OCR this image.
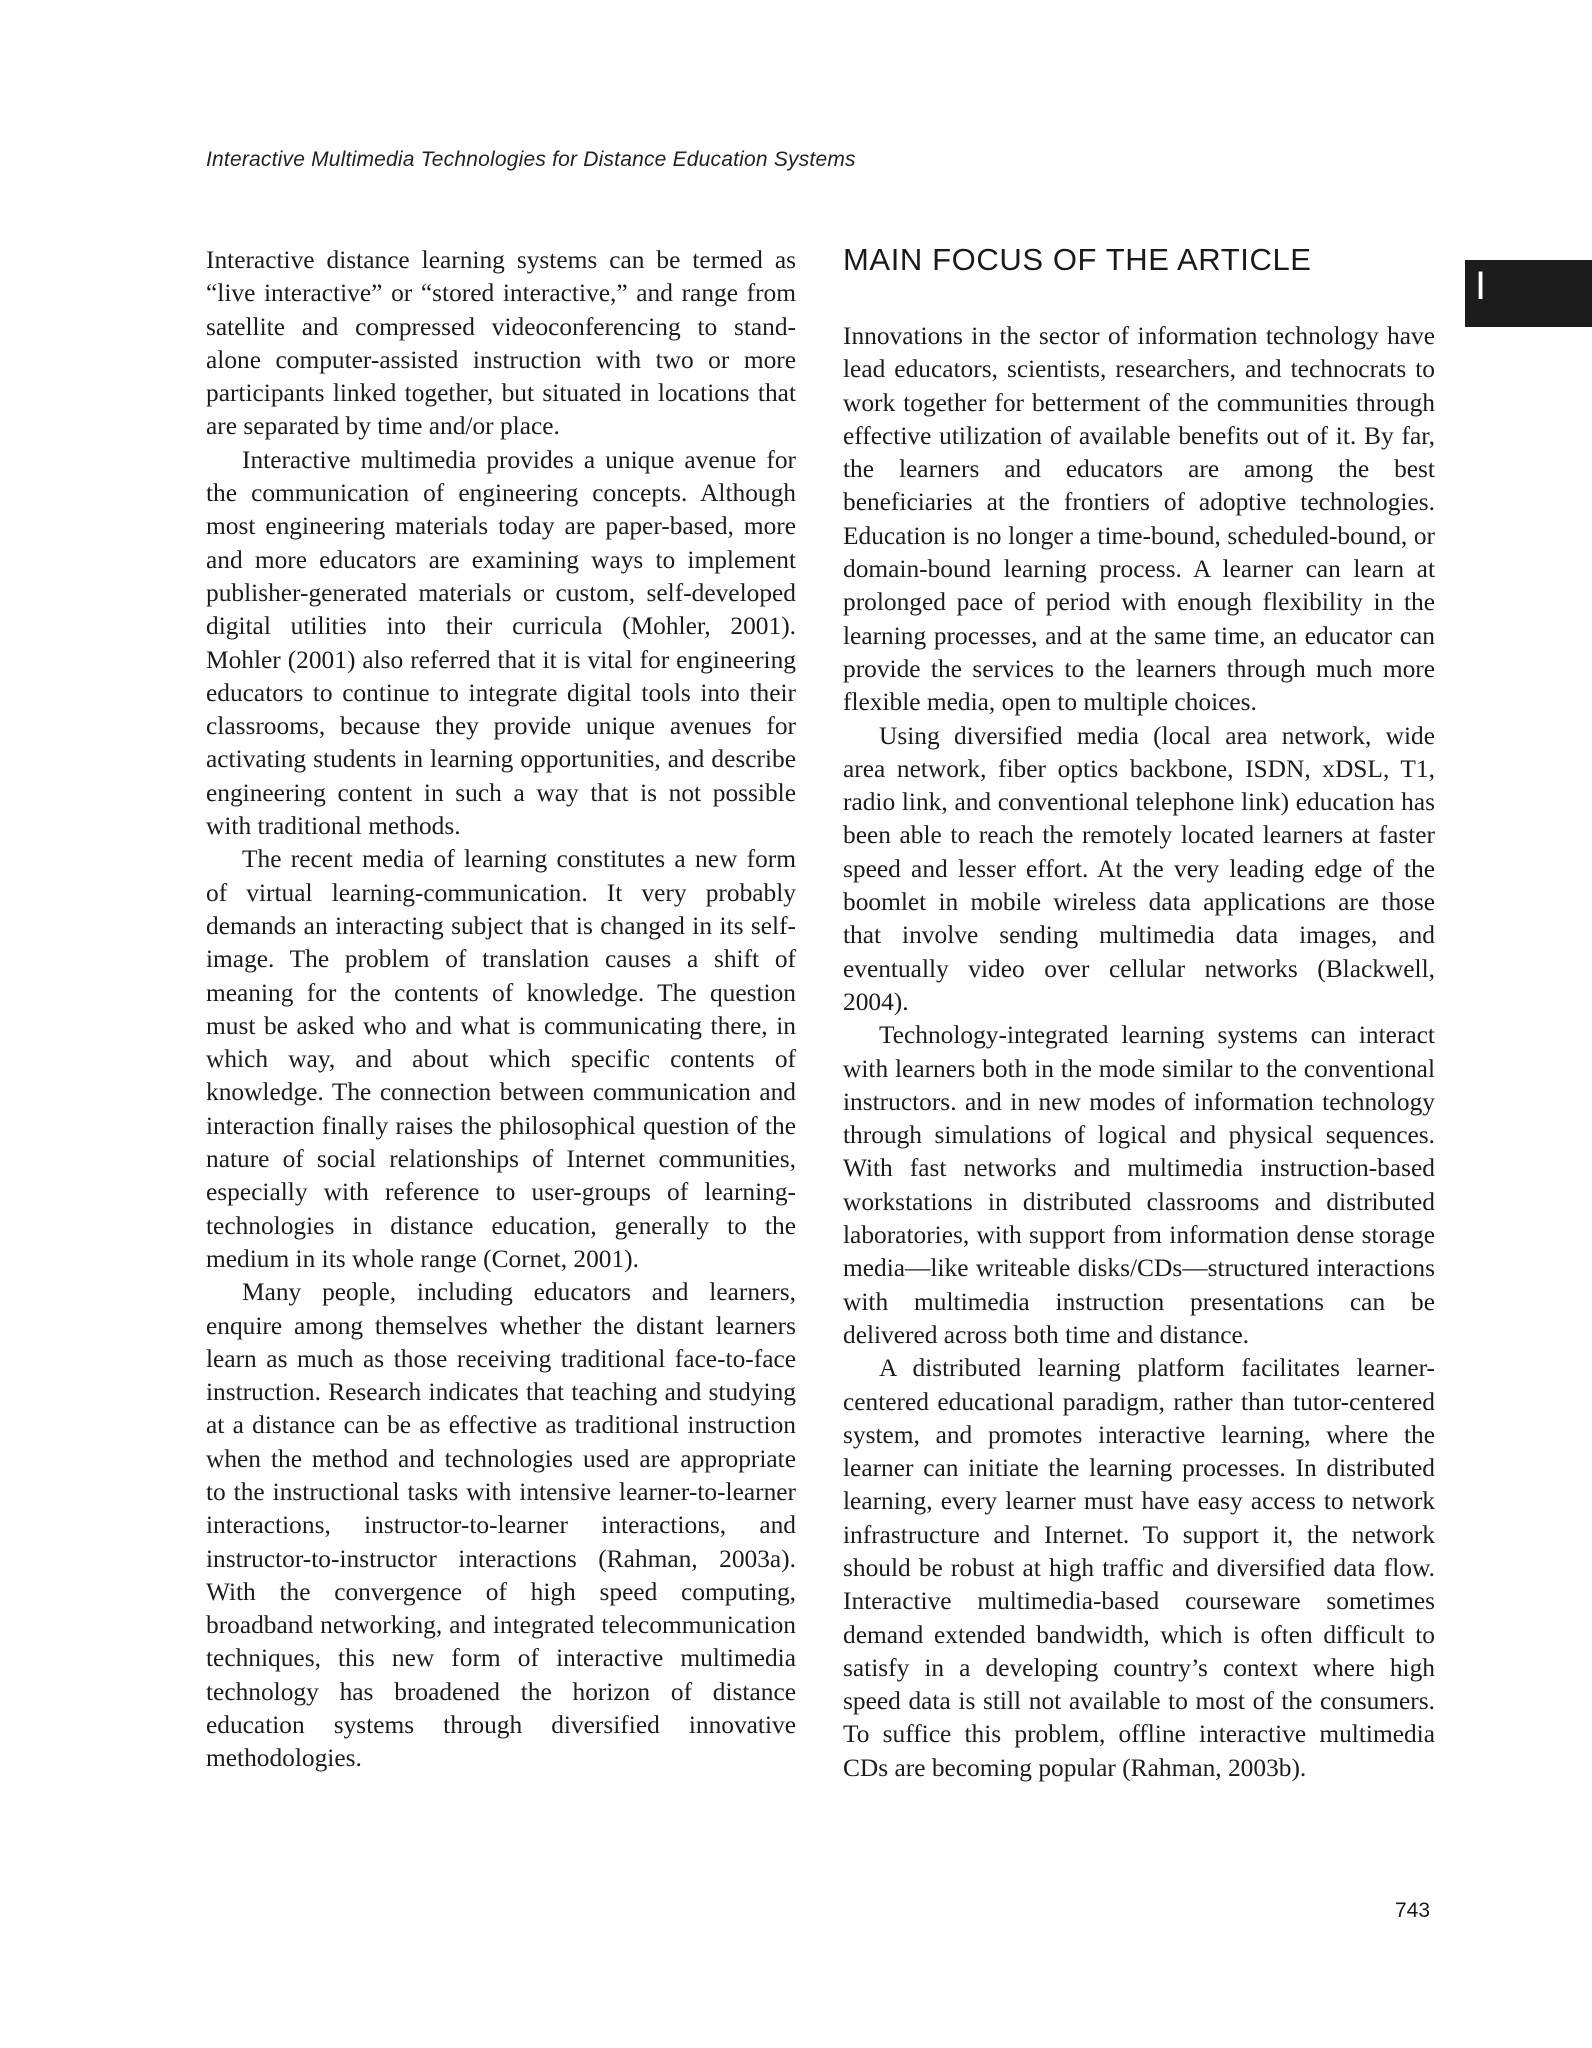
Interactive Multimedia Technologies for Distance Education Systems
I

Interactive distance learning systems can be termed as “live interactive” or “stored interactive,” and range from satellite and compressed videoconferencing to stand-alone computer-assisted instruction with two or more participants linked together, but situated in locations that are separated by time and/or place.

Interactive multimedia provides a unique avenue for the communication of engineering concepts. Although most engineering materials today are paper-based, more and more educators are examining ways to implement publisher-generated materials or custom, self-developed digital utilities into their curricula (Mohler, 2001). Mohler (2001) also referred that it is vital for engineering educators to continue to integrate digital tools into their classrooms, because they provide unique avenues for activating students in learning opportunities, and describe engineering content in such a way that is not possible with traditional methods.

The recent media of learning constitutes a new form of virtual learning-communication. It very probably demands an interacting subject that is changed in its self-image. The problem of translation causes a shift of meaning for the contents of knowledge. The question must be asked who and what is communicating there, in which way, and about which specific contents of knowledge. The connection between communication and interaction finally raises the philosophical question of the nature of social relationships of Internet communities, especially with reference to user-groups of learning-technologies in distance education, generally to the medium in its whole range (Cornet, 2001).

Many people, including educators and learners, enquire among themselves whether the distant learners learn as much as those receiving traditional face-to-face instruction. Research indicates that teaching and studying at a distance can be as effective as traditional instruction when the method and technologies used are appropriate to the instructional tasks with intensive learner-to-learner interactions, instructor-to-learner interactions, and instructor-to-instructor interactions (Rahman, 2003a). With the convergence of high speed computing, broadband networking, and integrated telecommunication techniques, this new form of interactive multimedia technology has broadened the horizon of distance education systems through diversified innovative methodologies.

MAIN FOCUS OF THE ARTICLE

Innovations in the sector of information technology have lead educators, scientists, researchers, and technocrats to work together for betterment of the communities through effective utilization of available benefits out of it. By far, the learners and educators are among the best beneficiaries at the frontiers of adoptive technologies. Education is no longer a time-bound, scheduled-bound, or domain-bound learning process. A learner can learn at prolonged pace of period with enough flexibility in the learning processes, and at the same time, an educator can provide the services to the learners through much more flexible media, open to multiple choices.

Using diversified media (local area network, wide area network, fiber optics backbone, ISDN, xDSL, T1, radio link, and conventional telephone link) education has been able to reach the remotely located learners at faster speed and lesser effort. At the very leading edge of the boomlet in mobile wireless data applications are those that involve sending multimedia data images, and eventually video over cellular networks (Blackwell, 2004).

Technology-integrated learning systems can interact with learners both in the mode similar to the conventional instructors. and in new modes of information technology through simulations of logical and physical sequences. With fast networks and multimedia instruction-based workstations in distributed classrooms and distributed laboratories, with support from information dense storage media—like writeable disks/CDs—structured interactions with multimedia instruction presentations can be delivered across both time and distance.

A distributed learning platform facilitates learner-centered educational paradigm, rather than tutor-centered system, and promotes interactive learning, where the learner can initiate the learning processes. In distributed learning, every learner must have easy access to network infrastructure and Internet. To support it, the network should be robust at high traffic and diversified data flow. Interactive multimedia-based courseware sometimes demand extended bandwidth, which is often difficult to satisfy in a developing country’s context where high speed data is still not available to most of the consumers. To suffice this problem, offline interactive multimedia CDs are becoming popular (Rahman, 2003b).

743
